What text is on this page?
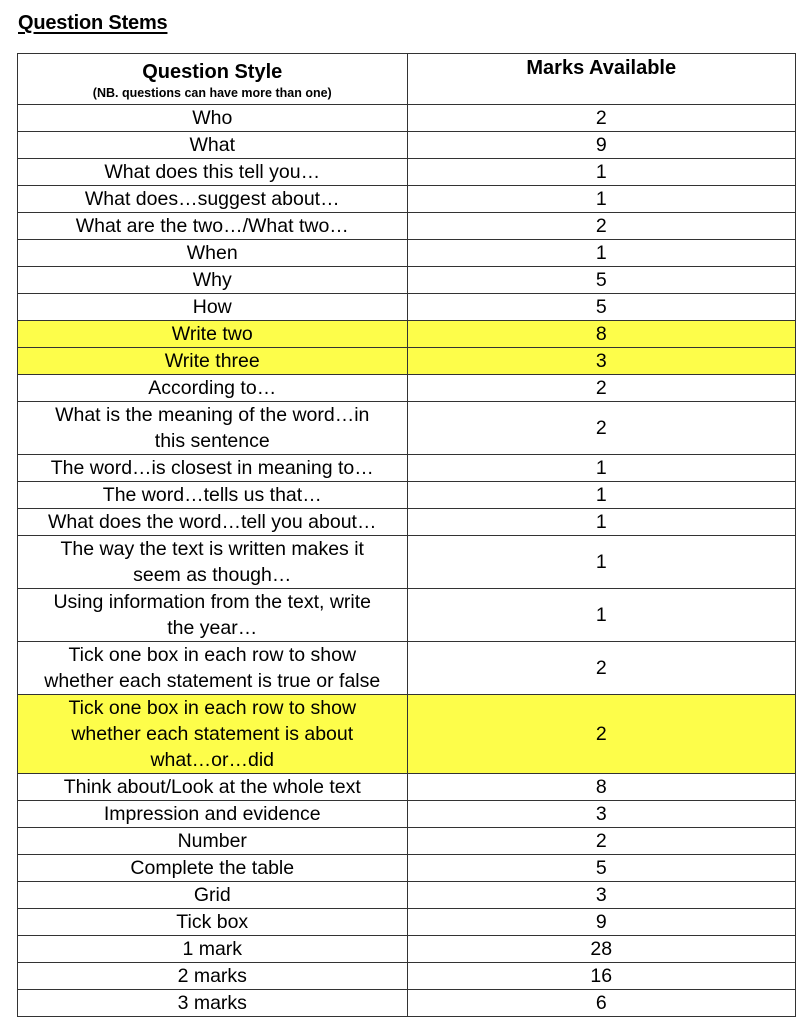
Question Stems
Question Style
(NB. questions can have more than one)	Marks Available

Who	2
What	9
What does this tell you…	1
What does…suggest about…	1
What are the two…/What two…	2
When	1
Why	5
How	5
Write two	8
Write three	3
According to…	2
What is the meaning of the word…in
this sentence	2
The word…is closest in meaning to…	1
The word…tells us that…	1
What does the word…tell you about…	1
The way the text is written makes it
seem as though…	1
Using information from the text, write
the year…	1
Tick one box in each row to show
whether each statement is true or false	2
Tick one box in each row to show
whether each statement is about
what…or…did	2
Think about/Look at the whole text	8
Impression and evidence	3
Number	2
Complete the table	5
Grid	3
Tick box	9
1 mark	28
2 marks	16
3 marks	6
